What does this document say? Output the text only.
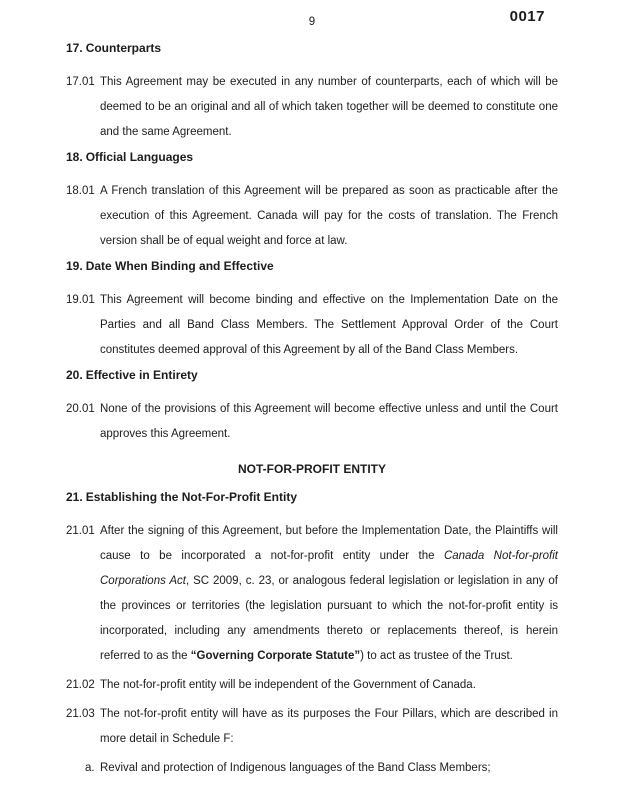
9	0017
17. Counterparts
17.01 This Agreement may be executed in any number of counterparts, each of which will be deemed to be an original and all of which taken together will be deemed to constitute one and the same Agreement.

18. Official Languages
18.01 A French translation of this Agreement will be prepared as soon as practicable after the execution of this Agreement. Canada will pay for the costs of translation. The French version shall be of equal weight and force at law.

19. Date When Binding and Effective
19.01 This Agreement will become binding and effective on the Implementation Date on the Parties and all Band Class Members. The Settlement Approval Order of the Court constitutes deemed approval of this Agreement by all of the Band Class Members.

20. Effective in Entirety
20.01 None of the provisions of this Agreement will become effective unless and until the Court approves this Agreement.

NOT-FOR-PROFIT ENTITY
21. Establishing the Not-For-Profit Entity
21.01 After the signing of this Agreement, but before the Implementation Date, the Plaintiffs will cause to be incorporated a not-for-profit entity under the Canada Not-for-profit Corporations Act, SC 2009, c. 23, or analogous federal legislation or legislation in any of the provinces or territories (the legislation pursuant to which the not-for-profit entity is incorporated, including any amendments thereto or replacements thereof, is herein referred to as the “Governing Corporate Statute”) to act as trustee of the Trust.

21.02 The not-for-profit entity will be independent of the Government of Canada.

21.03 The not-for-profit entity will have as its purposes the Four Pillars, which are described in more detail in Schedule F:

a. Revival and protection of Indigenous languages of the Band Class Members;
